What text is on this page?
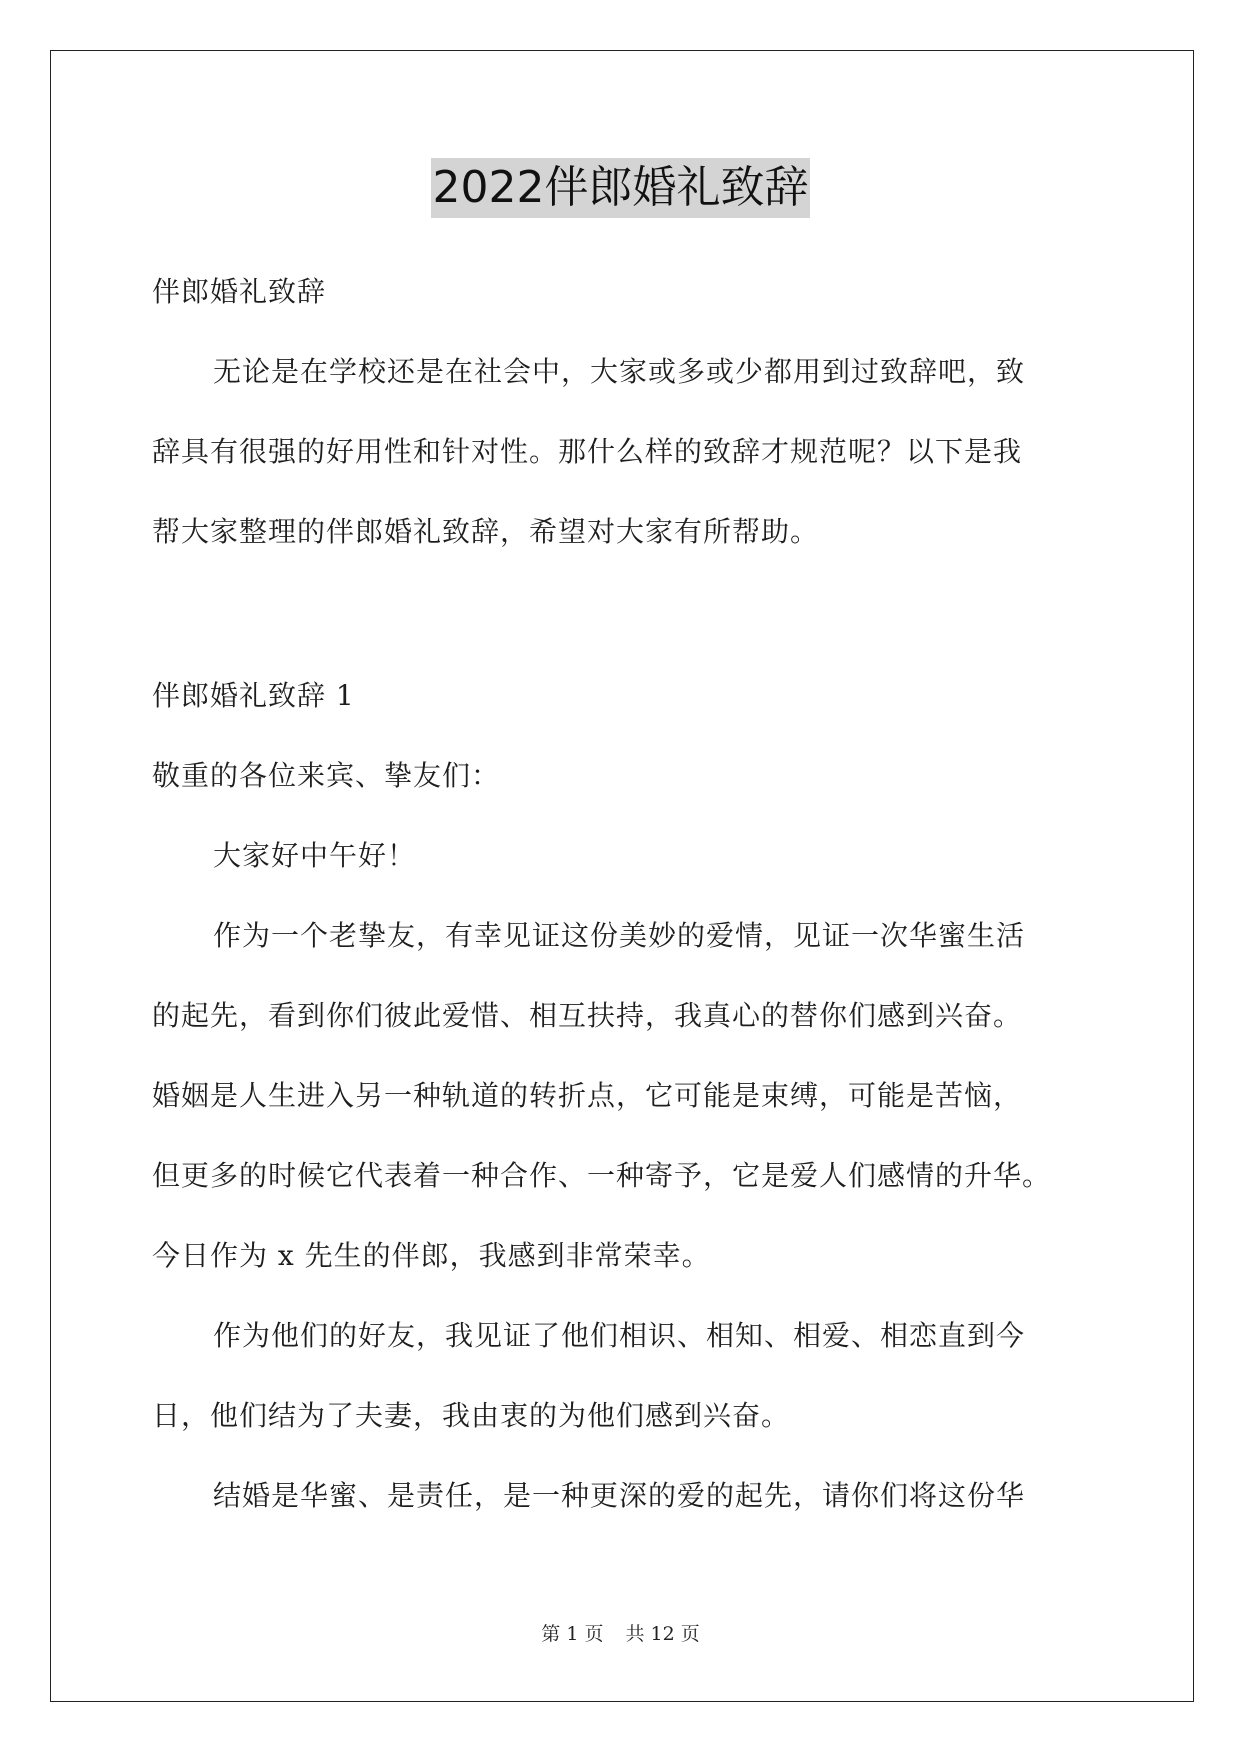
2022伴郎婚礼致辞
伴郎婚礼致辞
无论是在学校还是在社会中，大家或多或少都用到过致辞吧，致
辞具有很强的好用性和针对性。那什么样的致辞才规范呢？以下是我
帮大家整理的伴郎婚礼致辞，希望对大家有所帮助。
伴郎婚礼致辞 1
敬重的各位来宾、挚友们：
大家好中午好！
作为一个老挚友，有幸见证这份美妙的爱情，见证一次华蜜生活
的起先，看到你们彼此爱惜、相互扶持，我真心的替你们感到兴奋。
婚姻是人生进入另一种轨道的转折点，它可能是束缚，可能是苦恼，
但更多的时候它代表着一种合作、一种寄予，它是爱人们感情的升华。
今日作为 x 先生的伴郎，我感到非常荣幸。
作为他们的好友，我见证了他们相识、相知、相爱、相恋直到今
日，他们结为了夫妻，我由衷的为他们感到兴奋。
结婚是华蜜、是责任，是一种更深的爱的起先，请你们将这份华
第 1 页 共 12 页
